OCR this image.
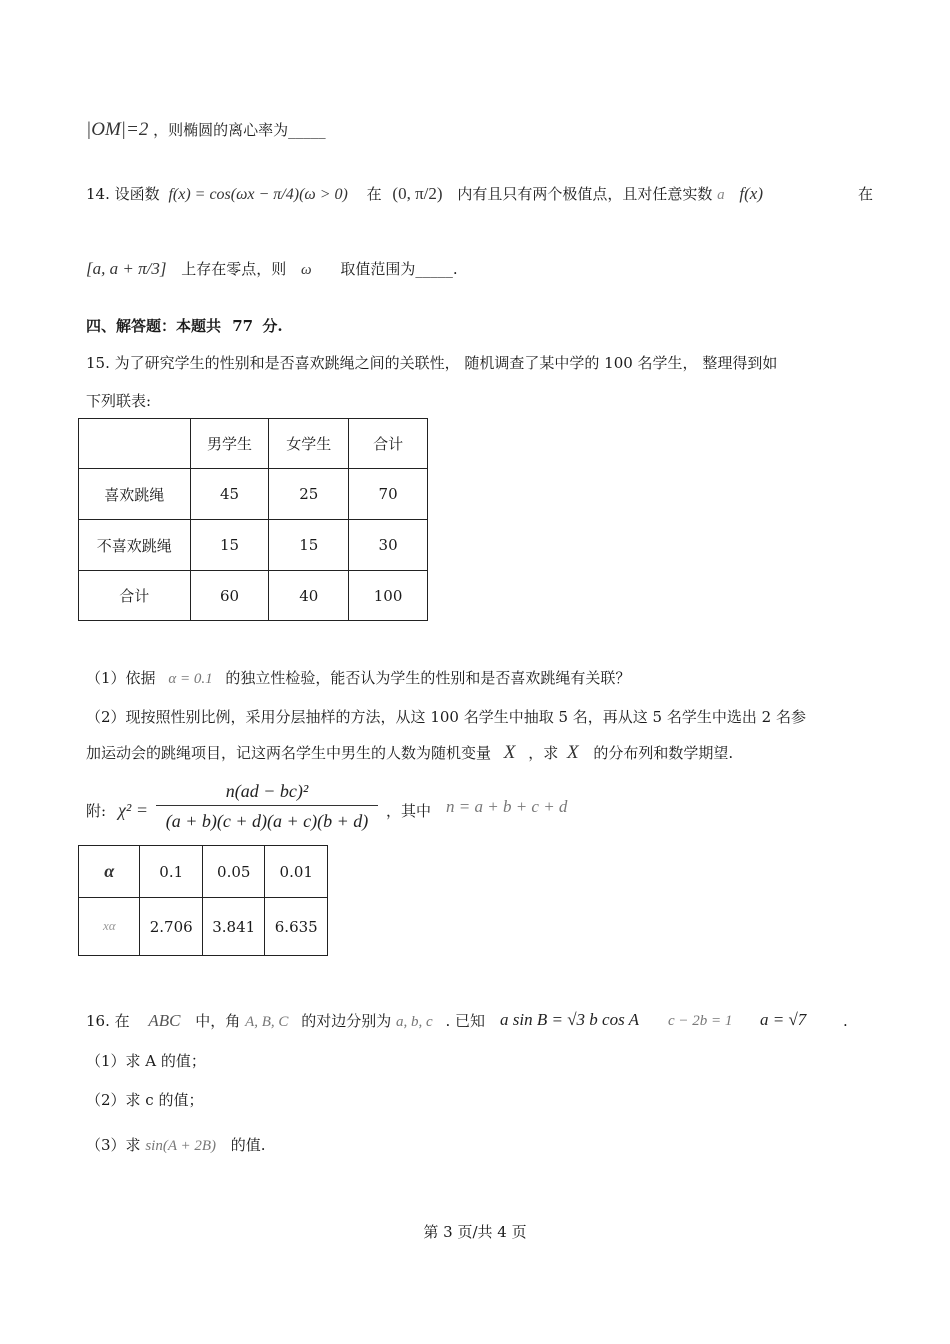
|OM|=2 ，则椭圆的离心率为_____
14. 设函数 f(x) = cos(ωx − π/4)(ω > 0) 在 (0, π/2) 内有且只有两个极值点，且对任意实数 a f(x)	在
[a, a + π/3] 上存在零点，则 ω 取值范围为_____.
四、解答题：本题共 77 分.
15. 为了研究学生的性别和是否喜欢跳绳之间的关联性， 随机调查了某中学的 100 名学生， 整理得到如
下列联表:
	男学生	女学生	合计
喜欢跳绳	45	25	70
不喜欢跳绳	15	15	30
合计	60	40	100
（1）依据 α = 0.1 的独立性检验，能否认为学生的性别和是否喜欢跳绳有关联？
（2）现按照性别比例，采用分层抽样的方法，从这 100 名学生中抽取 5 名，再从这 5 名学生中选出 2 名参
加运动会的跳绳项目，记这两名学生中男生的人数为随机变量 X ，求 X 的分布列和数学期望.
附: $\chi^2 = \frac{\text{n(ad − bc)²}}{(a + b)(c + d)(a + c)(b + d)}$ ，其中 n = a + b + c + d
α	0.1	0.05	0.01
xα	2.706	3.841	6.635
16. 在 ABC 中，角 A, B, C 的对边分别为 a, b, c . 已知 a sin B = √3 b cos A c − 2b = 1 a = √7 .
（1）求 A 的值；
（2）求 c 的值；
（3）求 sin(A + 2B) 的值.
第 3 页/共 4 页
